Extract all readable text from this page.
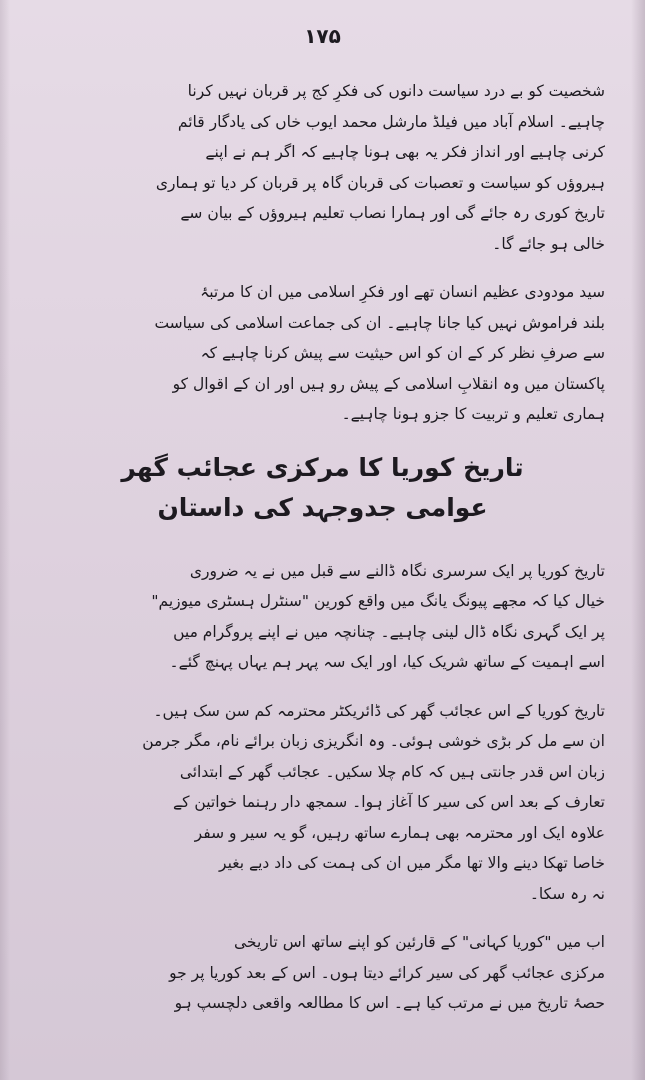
۱۷۵
شخصیت کو بے درد سیاست دانوں کی فکرِ کج پر قربان نہیں کرنا
چاہیے۔ اسلام آباد میں فیلڈ مارشل محمد ایوب خاں کی یادگار قائم
کرنی چاہیے اور انداز فکر یہ بھی ہونا چاہیے کہ اگر ہم نے اپنے
ہیروؤں کو سیاست و تعصبات کی قربان گاہ پر قربان کر دیا تو ہماری
تاریخ کوری رہ جائے گی اور ہمارا نصاب تعلیم ہیروؤں کے بیان سے
خالی ہو جائے گا۔
سید مودودی عظیم انسان تھے اور فکرِ اسلامی میں ان کا مرتبۂ
بلند فراموش نہیں کیا جانا چاہیے۔ ان کی جماعت اسلامی کی سیاست
سے صرفِ نظر کر کے ان کو اس حیثیت سے پیش کرنا چاہیے کہ
پاکستان میں وہ انقلابِ اسلامی کے پیش رو ہیں اور ان کے اقوال کو
ہماری تعلیم و تربیت کا جزو ہونا چاہیے۔
تاریخ کوریا کا مرکزی عجائب گھر
عوامی جدوجہد کی داستان
تاریخ کوریا پر ایک سرسری نگاہ ڈالنے سے قبل میں نے یہ ضروری
خیال کیا کہ مجھے پیونگ یانگ میں واقع کورین "سنٹرل ہسٹری میوزیم"
پر ایک گہری نگاہ ڈال لینی چاہیے۔ چنانچہ میں نے اپنے پروگرام میں
اسے اہمیت کے ساتھ شریک کیا، اور ایک سہ پہر ہم یہاں پہنچ گئے۔
تاریخ کوریا کے اس عجائب گھر کی ڈائریکٹر محترمہ کم سن سک ہیں۔
ان سے مل کر بڑی خوشی ہوئی۔ وہ انگریزی زبان برائے نام، مگر جرمن
زبان اس قدر جانتی ہیں کہ کام چلا سکیں۔ عجائب گھر کے ابتدائی
تعارف کے بعد اس کی سیر کا آغاز ہوا۔ سمجھ دار رہنما خواتین کے
علاوہ ایک اور محترمہ بھی ہمارے ساتھ رہیں، گو یہ سیر و سفر
خاصا تھکا دینے والا تھا مگر میں ان کی ہمت کی داد دیے بغیر
نہ رہ سکا۔
اب میں "کوریا کہانی" کے قارئین کو اپنے ساتھ اس تاریخی
مرکزی عجائب گھر کی سیر کرائے دیتا ہوں۔ اس کے بعد کوریا پر جو
حصۂ تاریخ میں نے مرتب کیا ہے۔ اس کا مطالعہ واقعی دلچسپ ہو
